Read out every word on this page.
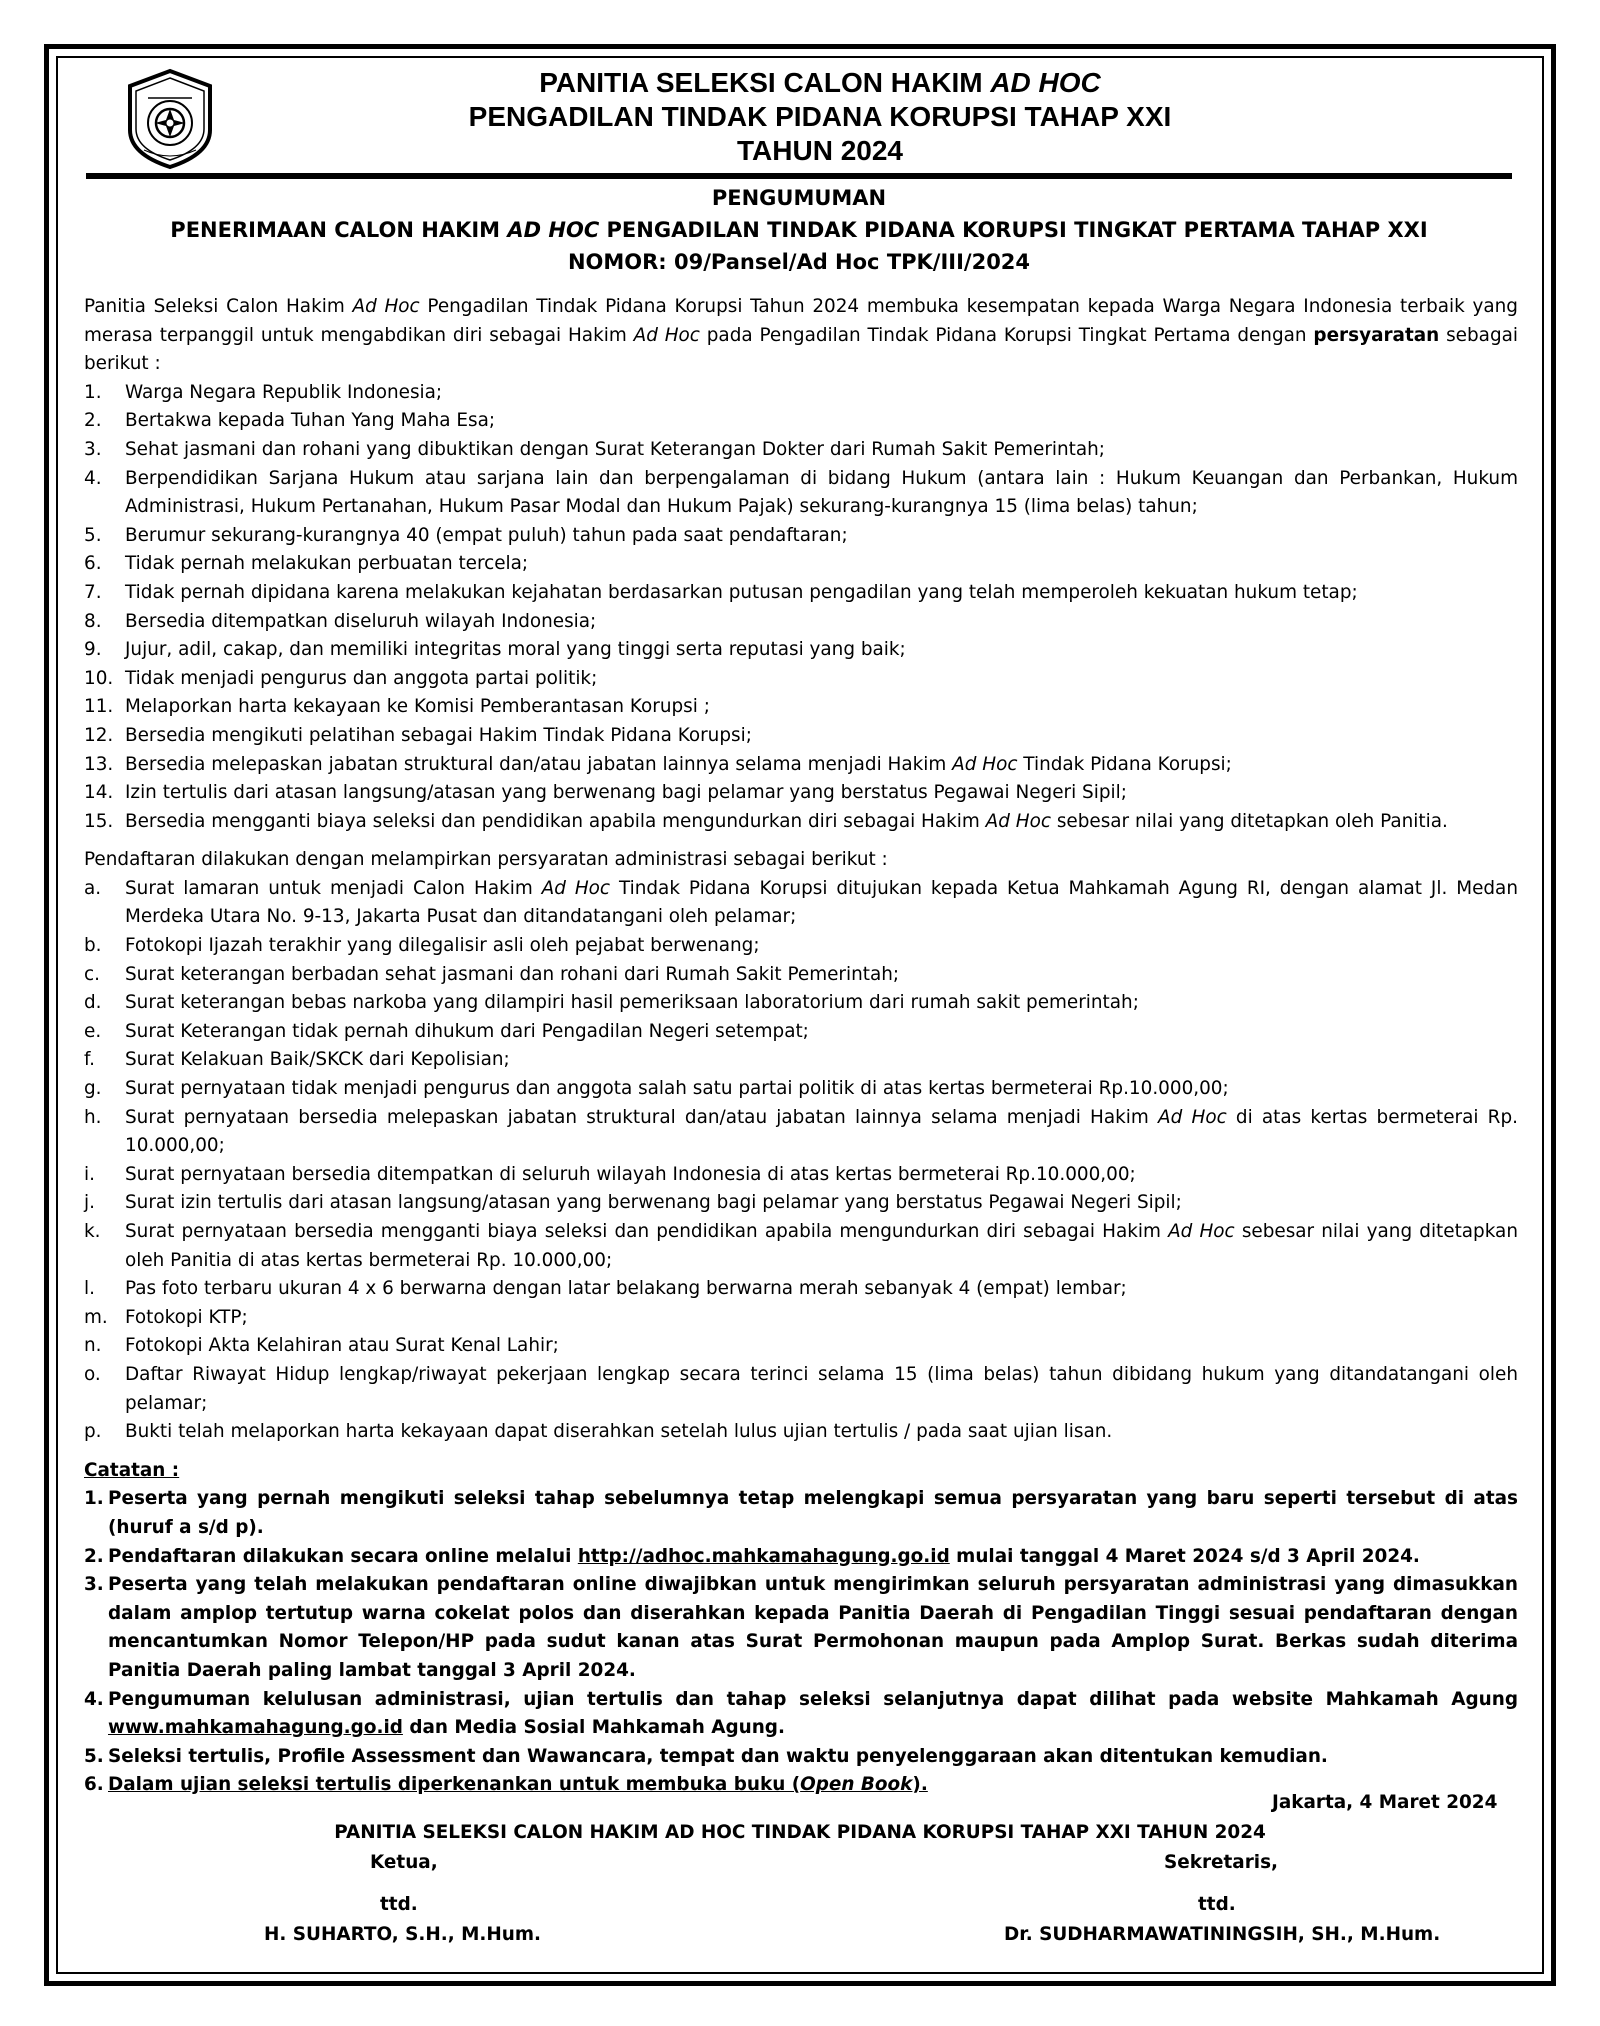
PANITIA SELEKSI CALON HAKIM AD HOC
PENGADILAN TINDAK PIDANA KORUPSI TAHAP XXI
TAHUN 2024
PENGUMUMAN
PENERIMAAN CALON HAKIM AD HOC PENGADILAN TINDAK PIDANA KORUPSI TINGKAT PERTAMA TAHAP XXI
NOMOR: 09/Pansel/Ad Hoc TPK/III/2024

Panitia Seleksi Calon Hakim Ad Hoc Pengadilan Tindak Pidana Korupsi Tahun 2024 membuka kesempatan kepada Warga Negara Indonesia terbaik yang merasa terpanggil untuk mengabdikan diri sebagai Hakim Ad Hoc pada Pengadilan Tindak Pidana Korupsi Tingkat Pertama dengan persyaratan sebagai berikut :

1.	Warga Negara Republik Indonesia;
2.	Bertakwa kepada Tuhan Yang Maha Esa;
3.	Sehat jasmani dan rohani yang dibuktikan dengan Surat Keterangan Dokter dari Rumah Sakit Pemerintah;
4.	Berpendidikan Sarjana Hukum atau sarjana lain dan berpengalaman di bidang Hukum (antara lain : Hukum Keuangan dan Perbankan, Hukum Administrasi, Hukum Pertanahan, Hukum Pasar Modal dan Hukum Pajak) sekurang-kurangnya 15 (lima belas) tahun;
5.	Berumur sekurang-kurangnya 40 (empat puluh) tahun pada saat pendaftaran;
6.	Tidak pernah melakukan perbuatan tercela;
7.	Tidak pernah dipidana karena melakukan kejahatan berdasarkan putusan pengadilan yang telah memperoleh kekuatan hukum tetap;
8.	Bersedia ditempatkan diseluruh wilayah Indonesia;
9.	Jujur, adil, cakap, dan memiliki integritas moral yang tinggi serta reputasi yang baik;
10. Tidak menjadi pengurus dan anggota partai politik;
11. Melaporkan harta kekayaan ke Komisi Pemberantasan Korupsi ;
12. Bersedia mengikuti pelatihan sebagai Hakim Tindak Pidana Korupsi;
13. Bersedia melepaskan jabatan struktural dan/atau jabatan lainnya selama menjadi Hakim Ad Hoc Tindak Pidana Korupsi;
14. Izin tertulis dari atasan langsung/atasan yang berwenang bagi pelamar yang berstatus Pegawai Negeri Sipil;
15. Bersedia mengganti biaya seleksi dan pendidikan apabila mengundurkan diri sebagai Hakim Ad Hoc sebesar nilai yang ditetapkan oleh Panitia.

Pendaftaran dilakukan dengan melampirkan persyaratan administrasi sebagai berikut :

a.	Surat lamaran untuk menjadi Calon Hakim Ad Hoc Tindak Pidana Korupsi ditujukan kepada Ketua Mahkamah Agung RI, dengan alamat Jl. Medan Merdeka Utara No. 9-13, Jakarta Pusat dan ditandatangani oleh pelamar;
b.	Fotokopi Ijazah terakhir yang dilegalisir asli oleh pejabat berwenang;
c.	Surat keterangan berbadan sehat jasmani dan rohani dari Rumah Sakit Pemerintah;
d.	Surat keterangan bebas narkoba yang dilampiri hasil pemeriksaan laboratorium dari rumah sakit pemerintah;
e.	Surat Keterangan tidak pernah dihukum dari Pengadilan Negeri setempat;
f.	Surat Kelakuan Baik/SKCK dari Kepolisian;
g.	Surat pernyataan tidak menjadi pengurus dan anggota salah satu partai politik di atas kertas bermeterai Rp.10.000,00;
h.	Surat pernyataan bersedia melepaskan jabatan struktural dan/atau jabatan lainnya selama menjadi Hakim Ad Hoc di atas kertas bermeterai Rp. 10.000,00;
i.	Surat pernyataan bersedia ditempatkan di seluruh wilayah Indonesia di atas kertas bermeterai Rp.10.000,00;
j.	Surat izin tertulis dari atasan langsung/atasan yang berwenang bagi pelamar yang berstatus Pegawai Negeri Sipil;
k.	Surat pernyataan bersedia mengganti biaya seleksi dan pendidikan apabila mengundurkan diri sebagai Hakim Ad Hoc sebesar nilai yang ditetapkan oleh Panitia di atas kertas bermeterai Rp. 10.000,00;
l.	Pas foto terbaru ukuran 4 x 6 berwarna dengan latar belakang berwarna merah sebanyak 4 (empat) lembar;
m. Fotokopi KTP;
n.	Fotokopi Akta Kelahiran atau Surat Kenal Lahir;
o.	Daftar Riwayat Hidup lengkap/riwayat pekerjaan lengkap secara terinci selama 15 (lima belas) tahun dibidang hukum yang ditandatangani oleh pelamar;
p.	Bukti telah melaporkan harta kekayaan dapat diserahkan setelah lulus ujian tertulis / pada saat ujian lisan.

Catatan :

1. Peserta yang pernah mengikuti seleksi tahap sebelumnya tetap melengkapi semua persyaratan yang baru seperti tersebut di atas (huruf a s/d p).
2. Pendaftaran dilakukan secara online melalui http://adhoc.mahkamahagung.go.id mulai tanggal 4 Maret 2024 s/d 3 April 2024.
3. Peserta yang telah melakukan pendaftaran online diwajibkan untuk mengirimkan seluruh persyaratan administrasi yang dimasukkan dalam amplop tertutup warna cokelat polos dan diserahkan kepada Panitia Daerah di Pengadilan Tinggi sesuai pendaftaran dengan mencantumkan Nomor Telepon/HP pada sudut kanan atas Surat Permohonan maupun pada Amplop Surat. Berkas sudah diterima Panitia Daerah paling lambat tanggal 3 April 2024.
4. Pengumuman kelulusan administrasi, ujian tertulis dan tahap seleksi selanjutnya dapat dilihat pada website Mahkamah Agung www.mahkamahagung.go.id dan Media Sosial Mahkamah Agung.
5. Seleksi tertulis, Profile Assessment dan Wawancara, tempat dan waktu penyelenggaraan akan ditentukan kemudian.
6. Dalam ujian seleksi tertulis diperkenankan untuk membuka buku (Open Book).
Jakarta, 4 Maret 2024
PANITIA SELEKSI CALON HAKIM AD HOC TINDAK PIDANA KORUPSI TAHAP XXI TAHUN 2024
Ketua,	Sekretaris,
ttd.	ttd.
H. SUHARTO, S.H., M.Hum.	Dr. SUDHARMAWATININGSIH, SH., M.Hum.
